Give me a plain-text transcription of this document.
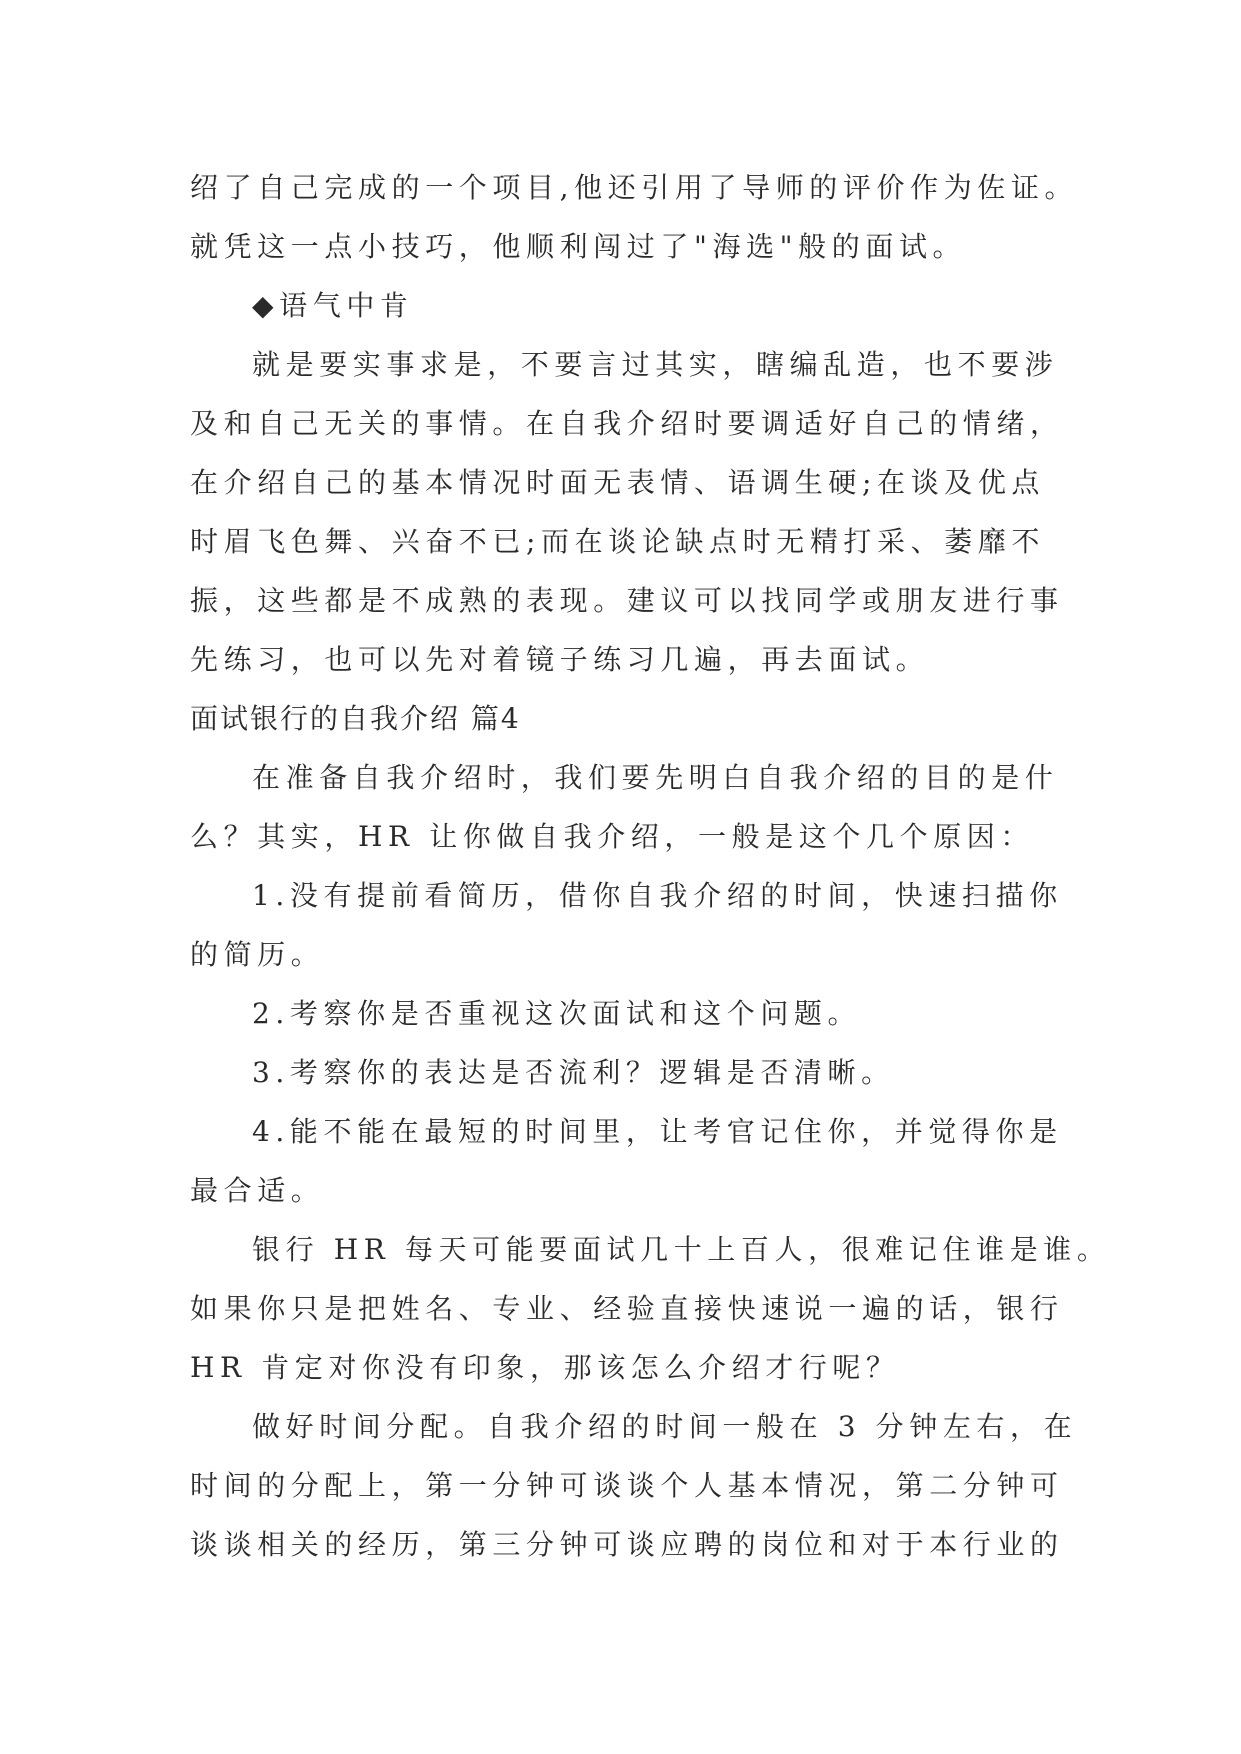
绍了自己完成的一个项目,他还引用了导师的评价作为佐证。
就凭这一点小技巧，他顺利闯过了"海选"般的面试。
◆语气中肯
就是要实事求是，不要言过其实，瞎编乱造，也不要涉
及和自己无关的事情。在自我介绍时要调适好自己的情绪，
在介绍自己的基本情况时面无表情、语调生硬;在谈及优点
时眉飞色舞、兴奋不已;而在谈论缺点时无精打采、萎靡不
振，这些都是不成熟的表现。建议可以找同学或朋友进行事
先练习，也可以先对着镜子练习几遍，再去面试。
面试银行的自我介绍 篇4
在准备自我介绍时，我们要先明白自我介绍的目的是什
么？其实，HR 让你做自我介绍，一般是这个几个原因：
1.没有提前看简历，借你自我介绍的时间，快速扫描你
的简历。
2.考察你是否重视这次面试和这个问题。
3.考察你的表达是否流利？逻辑是否清晰。
4.能不能在最短的时间里，让考官记住你，并觉得你是
最合适。
银行 HR 每天可能要面试几十上百人，很难记住谁是谁。
如果你只是把姓名、专业、经验直接快速说一遍的话，银行
HR 肯定对你没有印象，那该怎么介绍才行呢？
做好时间分配。自我介绍的时间一般在 3 分钟左右，在
时间的分配上，第一分钟可谈谈个人基本情况，第二分钟可
谈谈相关的经历，第三分钟可谈应聘的岗位和对于本行业的
